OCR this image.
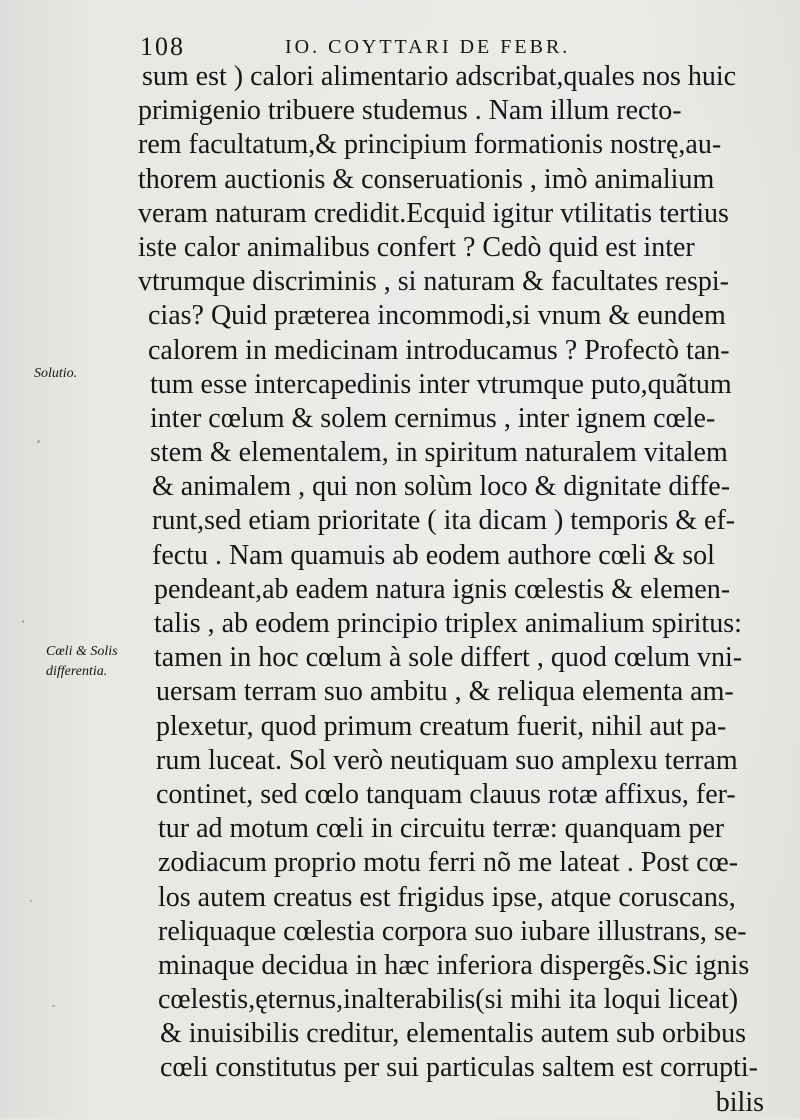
108	IO. COYTTARI DE FEBR.
Solutio.
Cœli & Solis
differentia.
sum est ) calori alimentario adscribat,quales nos huic
primigenio tribuere studemus . Nam illum recto-
rem facultatum,& principium formationis nostrę,au-
thorem auctionis & conseruationis , imò animalium
veram naturam credidit.Ecquid igitur vtilitatis tertius
iste calor animalibus confert ? Cedò quid est inter
vtrumque discriminis , si naturam & facultates respi-
cias? Quid præterea incommodi,si vnum & eundem
calorem in medicinam introducamus ? Profectò tan-
tum esse intercapedinis inter vtrumque puto,quãtum
inter cœlum & solem cernimus , inter ignem cœle-
stem & elementalem, in spiritum naturalem vitalem
& animalem , qui non solùm loco & dignitate diffe-
runt,sed etiam prioritate ( ita dicam ) temporis & ef-
fectu . Nam quamuis ab eodem authore cœli & sol
pendeant,ab eadem natura ignis cœlestis & elemen-
talis , ab eodem principio triplex animalium spiritus:
tamen in hoc cœlum à sole differt , quod cœlum vni-
uersam terram suo ambitu , & reliqua elementa am-
plexetur, quod primum creatum fuerit, nihil aut pa-
rum luceat. Sol verò neutiquam suo amplexu terram
continet, sed cœlo tanquam clauus rotæ affixus, fer-
tur ad motum cœli in circuitu terræ: quanquam per
zodiacum proprio motu ferri nõ me lateat . Post cœ-
los autem creatus est frigidus ipse, atque coruscans,
reliquaque cœlestia corpora suo iubare illustrans, se-
minaque decidua in hæc inferiora dispergẽs.Sic ignis
cœlestis,ęternus,inalterabilis(si mihi ita loqui liceat)
& inuisibilis creditur, elementalis autem sub orbibus
cœli constitutus per sui particulas saltem est corrupti-
bilis
